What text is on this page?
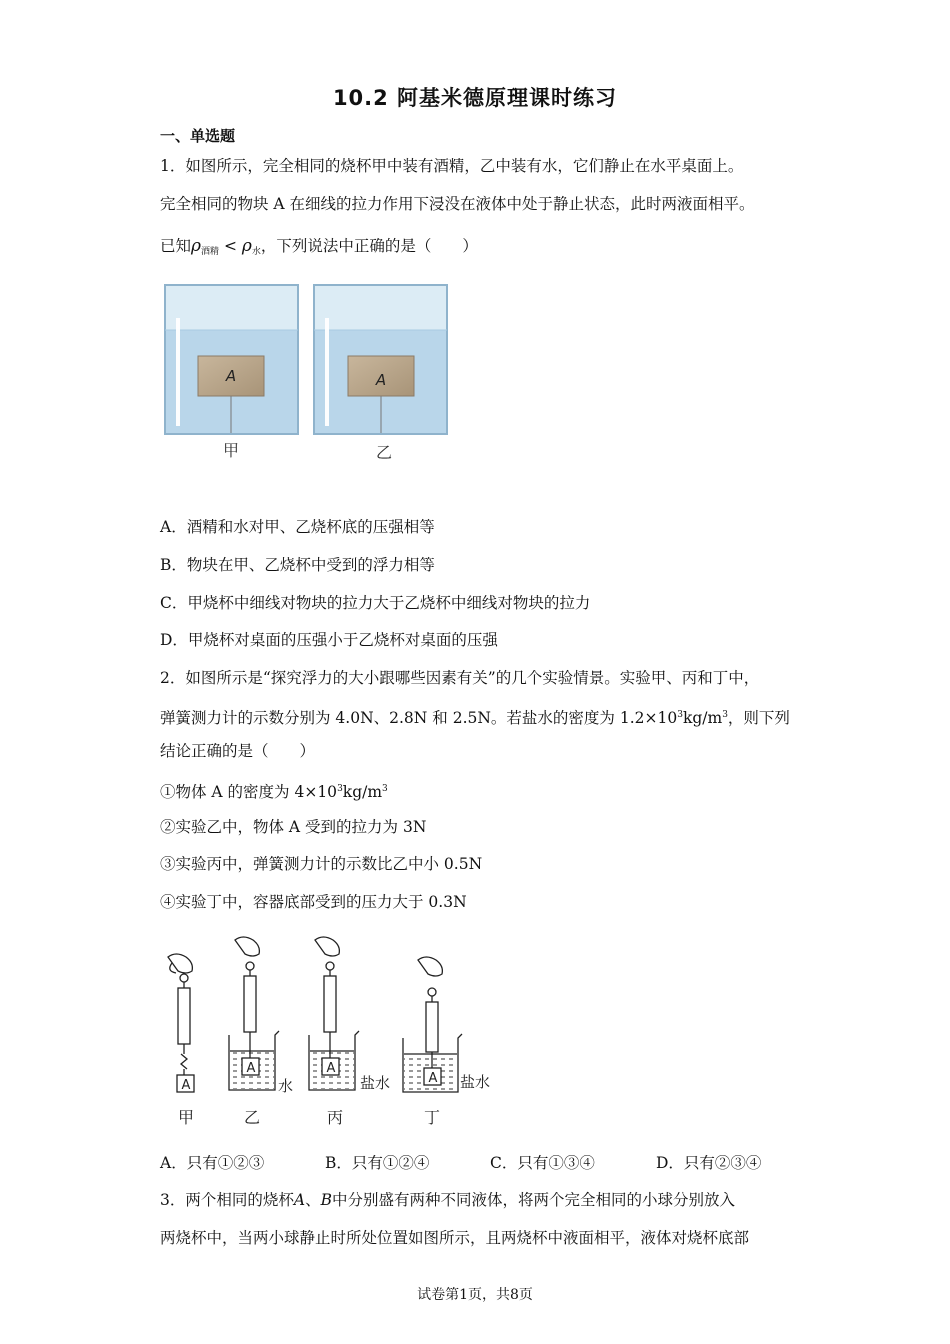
10.2 阿基米德原理课时练习
一、单选题
1．如图所示，完全相同的烧杯甲中装有酒精，乙中装有水，它们静止在水平桌面上。
完全相同的物块 A 在细线的拉力作用下浸没在液体中处于静止状态，此时两液面相平。
已知$\rho_{酒精} < \rho_水$，下列说法中正确的是（　　）
A	A
甲	乙
A．酒精和水对甲、乙烧杯底的压强相等
B．物块在甲、乙烧杯中受到的浮力相等
C．甲烧杯中细线对物块的拉力大于乙烧杯中细线对物块的拉力
D．甲烧杯对桌面的压强小于乙烧杯对桌面的压强
2．如图所示是“探究浮力的大小跟哪些因素有关”的几个实验情景。实验甲、丙和丁中，
弹簧测力计的示数分别为 4.0N、2.8N 和 2.5N。若盐水的密度为 $1.2\times 10^3kg/m^3$，则下列
结论正确的是（　　）
①物体 A 的密度为 $4\times 10^3kg/m^3$
②实验乙中，物体 A 受到的拉力为 3N
③实验丙中，弹簧测力计的示数比乙中小 0.5N
④实验丁中，容器底部受到的压力大于 0.3N
A
A	A
A
水	盐水	盐水
甲	乙	丙	丁
A．只有①②③	B．只有①②④	C．只有①③④	D．只有②③④
3．两个相同的烧杯A、B中分别盛有两种不同液体，将两个完全相同的小球分别放入
两烧杯中，当两小球静止时所处位置如图所示，且两烧杯中液面相平，液体对烧杯底部
试卷第1页，共8页
